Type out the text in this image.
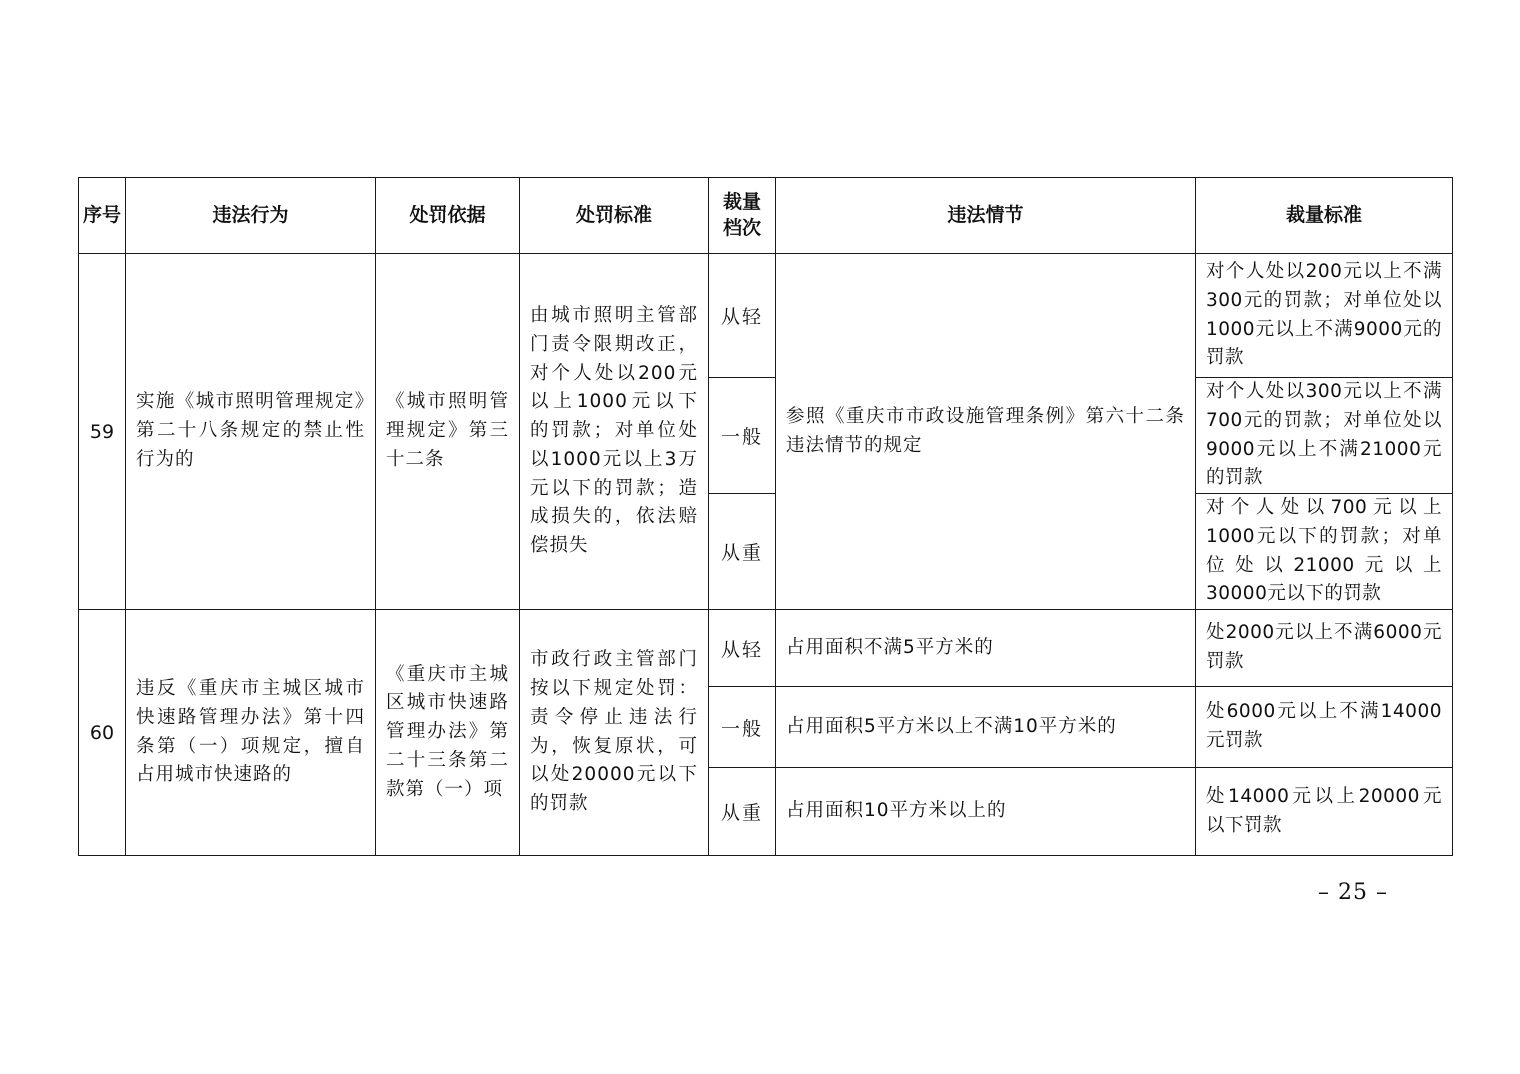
序号	违法行为	处罚依据	处罚标准	裁量档次	违法情节	裁量标准
59	实施《城市照明管理规定》第二十八条规定的禁止性行为的	《城市照明管理规定》第三十二条	由城市照明主管部门责令限期改正，对个人处以200元以上1000元以下的罚款；对单位处以1000元以上3万元以下的罚款；造成损失的，依法赔偿损失	从轻	参照《重庆市市政设施管理条例》第六十二条违法情节的规定	对个人处以200元以上不满300元的罚款；对单位处以1000元以上不满9000元的罚款
				一般		对个人处以300元以上不满700元的罚款；对单位处以9000元以上不满21000元的罚款
				从重		对个人处以700元以上1000元以下的罚款；对单位处以21000元以上30000元以下的罚款
60	违反《重庆市主城区城市快速路管理办法》第十四条第（一）项规定，擅自占用城市快速路的	《重庆市主城区城市快速路管理办法》第二十三条第二款第（一）项	市政行政主管部门按以下规定处罚：责令停止违法行为，恢复原状，可以处20000元以下的罚款	从轻	占用面积不满5平方米的	处2000元以上不满6000元罚款
				一般	占用面积5平方米以上不满10平方米的	处6000元以上不满14000元罚款
				从重	占用面积10平方米以上的	处14000元以上20000元以下罚款
– 25 –
